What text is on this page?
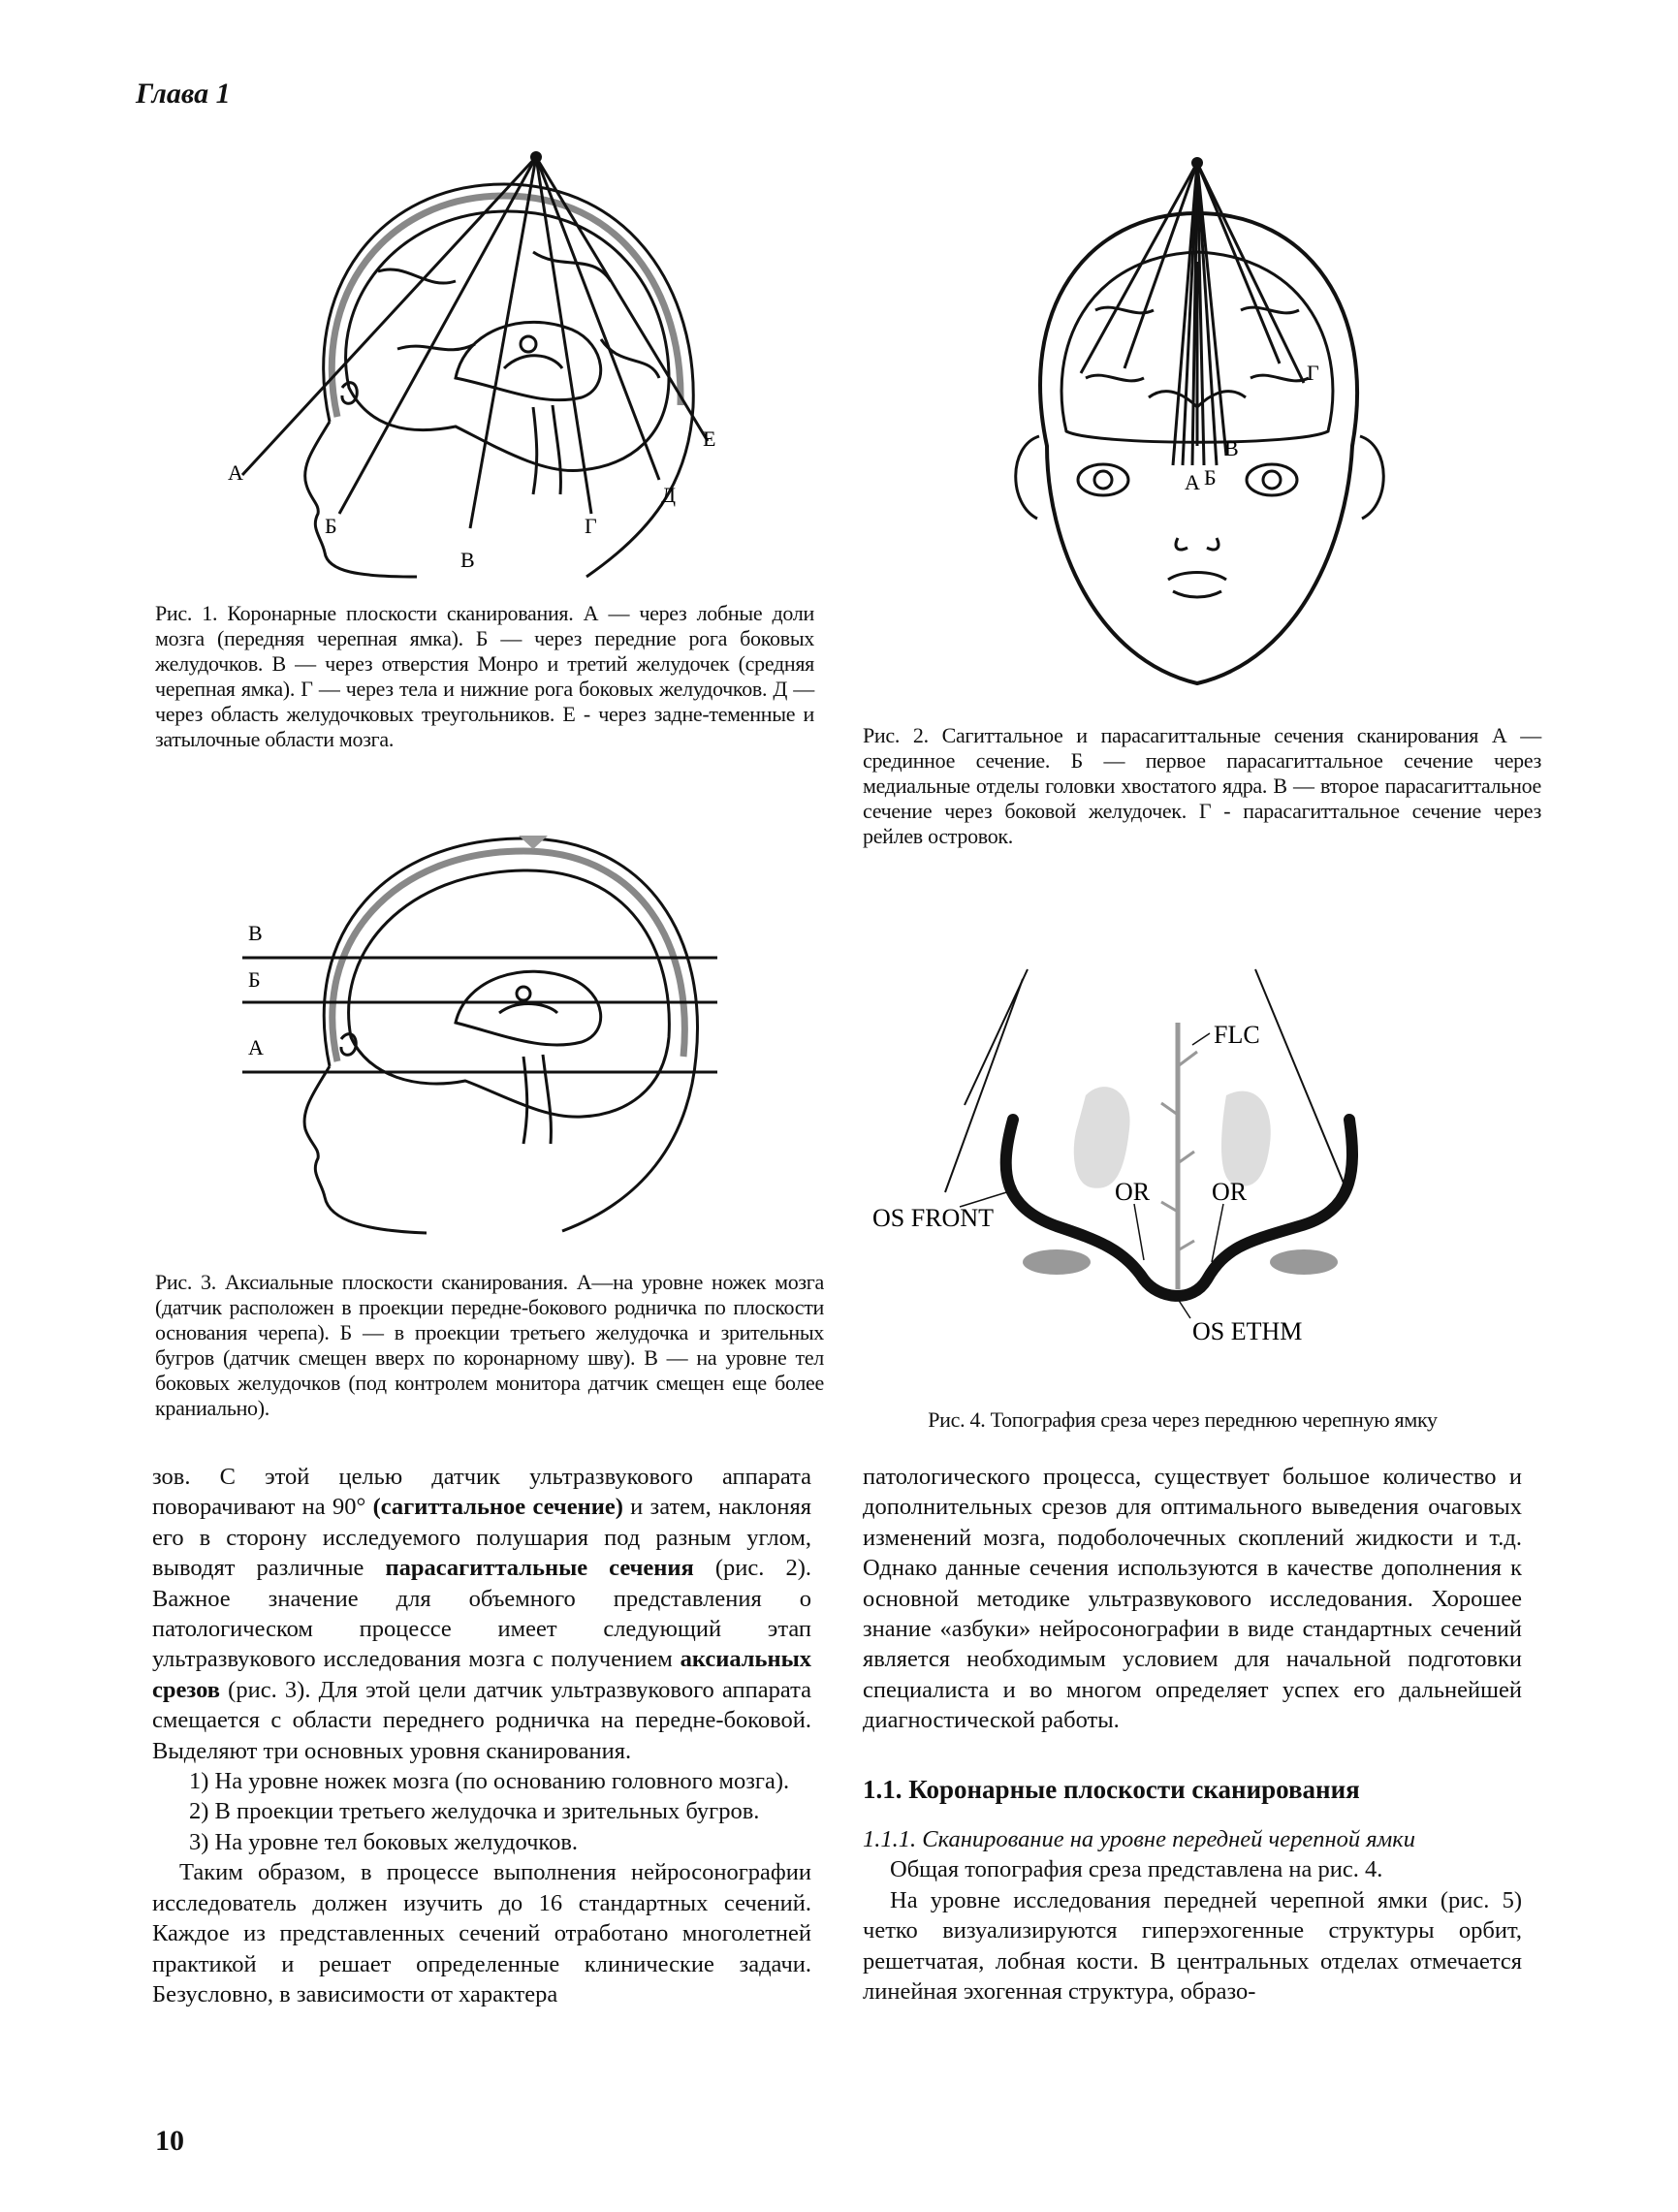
Глава 1
А
Б
В
Г
Д
Е
Рис. 1. Коронарные плоскости сканирования. А — через лобные доли мозга (передняя черепная ямка). Б — через передние рога боковых желудочков. В — через отверстия Монро и третий желудочек (средняя черепная ямка). Г — через тела и нижние рога боковых желудочков. Д — через область желудочковых треугольников. Е - через задне-теменные и затылочные области мозга.
А Б
В
Г
Рис. 2. Сагиттальное и парасагиттальные сечения сканирования А — срединное сечение. Б — первое парасагиттальное сечение через медиальные отделы головки хвостатого ядра. В — второе парасагиттальное сечение через боковой желудочек. Г - парасагиттальное сечение через рейлев островок.
В
Б
А
Рис. 3. Аксиальные плоскости сканирования. А—на уровне ножек мозга (датчик расположен в проекции передне-бокового родничка по плоскости основания черепа). Б — в проекции третьего желудочка и зрительных бугров (датчик смещен вверх по коронарному шву). В — на уровне тел боковых желудочков (под контролем монитора датчик смещен еще более краниально).
FLC
OR OR
OS FRONT
OS ETHM
Рис. 4. Топография среза через переднюю черепную ямку

зов. С этой целью датчик ультразвукового аппарата поворачивают на 90° (сагиттальное сечение) и затем, наклоняя его в сторону исследуемого полушария под разным углом, выводят различные парасагиттальные сечения (рис. 2). Важное значение для объемного представления о патологическом процессе имеет следующий этап ультразвукового исследования мозга с получением аксиальных срезов (рис. 3). Для этой цели датчик ультразвукового аппарата смещается с области переднего родничка на передне-боковой. Выделяют три основных уровня сканирования.

1) На уровне ножек мозга (по основанию головного мозга).

2) В проекции третьего желудочка и зрительных бугров.

3) На уровне тел боковых желудочков.

Таким образом, в процессе выполнения нейросонографии исследователь должен изучить до 16 стандартных сечений. Каждое из представленных сечений отработано многолетней практикой и решает определенные клинические задачи. Безусловно, в зависимости от характера

патологического процесса, существует большое количество и дополнительных срезов для оптимального выведения очаговых изменений мозга, подоболочечных скоплений жидкости и т.д. Однако данные сечения используются в качестве дополнения к основной методике ультразвукового исследования. Хорошее знание «азбуки» нейросонографии в виде стандартных сечений является необходимым условием для начальной подготовки специалиста и во многом определяет успех его дальнейшей диагностической работы.

1.1. Коронарные плоскости сканирования

1.1.1. Сканирование на уровне передней черепной ямки

Общая топография среза представлена на рис. 4.

На уровне исследования передней черепной ямки (рис. 5) четко визуализируются гиперэхогенные структуры орбит, решетчатая, лобная кости. В центральных отделах отмечается линейная эхогенная структура, образо-

10
